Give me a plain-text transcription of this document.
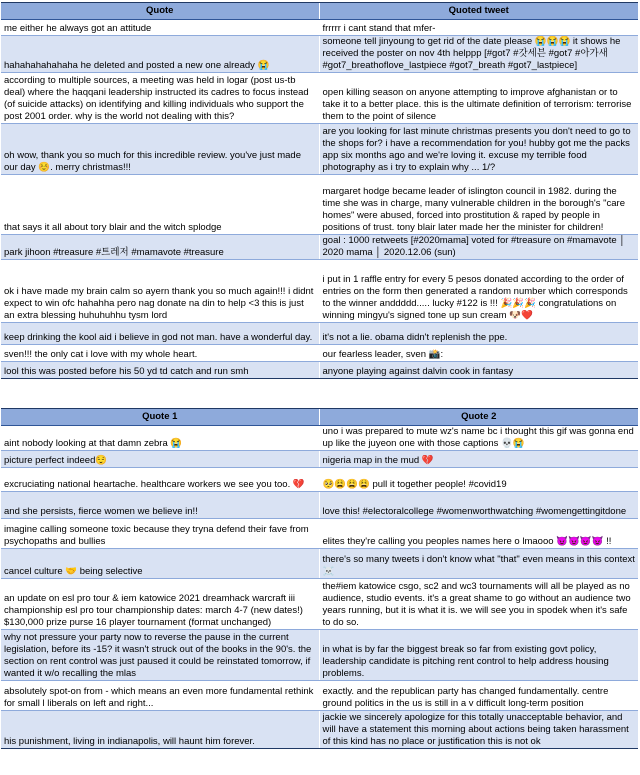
Quote	Quoted tweet
me either he always got an attitude	frrrrr i cant stand that mfer-
hahahahahahaha he deleted and posted a new one already 😭	someone tell jinyoung to get rid of the date please 😭😭😭 it shows he received the poster on nov 4th helppp [#got7 #갓세븐 #got7 #아가새 #got7_breathoflove_lastpiece #got7_breath #got7_lastpiece]
according to multiple sources, a meeting was held in logar (post us-tb deal) where the haqqani leadership instructed its cadres to focus instead (of suicide attacks) on identifying and killing individuals who support the post 2001 order. why is the world not dealing with this?	open killing season on anyone attempting to improve afghanistan or to take it to a better place. this is the ultimate definition of terrorism: terrorise them to the point of silence
oh wow, thank you so much for this incredible review. you've just made our day ☺️. merry christmas!!!	are you looking for last minute christmas presents you don't need to go to the shops for? i have a recommendation for you! hubby got me the packs app six months ago and we're loving it. excuse my terrible food photography as i try to explain why ... 1/?
that says it all about tory blair and the witch splodge	margaret hodge became leader of islington council in 1982. during the time she was in charge, many vulnerable children in the borough's "care homes" were abused, forced into prostitution & raped by people in positions of trust. tony blair later made her the minister for children!
park jihoon #treasure #트레저 #mamavote #treasure	goal : 1000 retweets [#2020mama] voted for #treasure on #mamavote │ 2020 mama │ 2020.12.06 (sun)
ok i have made my brain calm so ayern thank you so much again!!! i didnt expect to win ofc hahahha pero nag donate na din to help <3 this is just an extra blessing huhuhuhhu tysm lord	i put in 1 raffle entry for every 5 pesos donated according to the order of entries on the form then generated a random number which corresponds to the winner anddddd..... lucky #122 is !!! 🎉🎉🎉 congratulations on winning mingyu's signed tone up sun cream 🐶❤️
keep drinking the kool aid i believe in god not man. have a wonderful day.	it's not a lie. obama didn't replenish the ppe.
sven!!! the only cat i love with my whole heart.	our fearless leader, sven 📸:
lool this was posted before his 50 yd td catch and run smh	anyone playing against dalvin cook in fantasy
Quote 1	Quote 2
aint nobody looking at that damn zebra 😭	uno i was prepared to mute wz's name bc i thought this gif was gonna end up like the juyeon one with those captions 💀😭
picture perfect indeed😌	nigeria map in the mud 💔
excruciating national heartache. healthcare workers we see you too. 💔	🥺😩😩😩 pull it together people! #covid19
and she persists, fierce women we believe in!!	love this! #electoralcollege #womenworthwatching #womengettingitdone
imagine calling someone toxic because they tryna defend their fave from psychopaths and bullies	elites they're calling you peoples names here o lmaooo 😈😈😈😈 !!
cancel culture 🤝 being selective	there's so many tweets i don't know what "that" even means in this context ☠️
an update on esl pro tour & iem katowice 2021 dreamhack warcraft iii championship esl pro tour championship dates: march 4-7 (new dates!) $130,000 prize purse 16 player tournament (format unchanged)	the#iem katowice csgo, sc2 and wc3 tournaments will all be played as no audience, studio events. it's a great shame to go without an audience two years running, but it is what it is. we will see you in spodek when it's safe to do so.
why not pressure your party now to reverse the pause in the current legislation, before its -15? it wasn't struck out of the books in the 90's. the section on rent control was just paused it could be reinstated tomorrow, if wanted it w/o recalling the mlas	in what is by far the biggest break so far from existing govt policy, leadership candidate is pitching rent control to help address housing problems.
absolutely spot-on from - which means an even more fundamental rethink for small l liberals on left and right...	exactly. and the republican party has changed fundamentally. centre ground politics in the us is still in a v difficult long-term position
his punishment, living in indianapolis, will haunt him forever.	jackie we sincerely apologize for this totally unacceptable behavior, and will have a statement this morning about actions being taken harassment of this kind has no place or justification this is not ok
